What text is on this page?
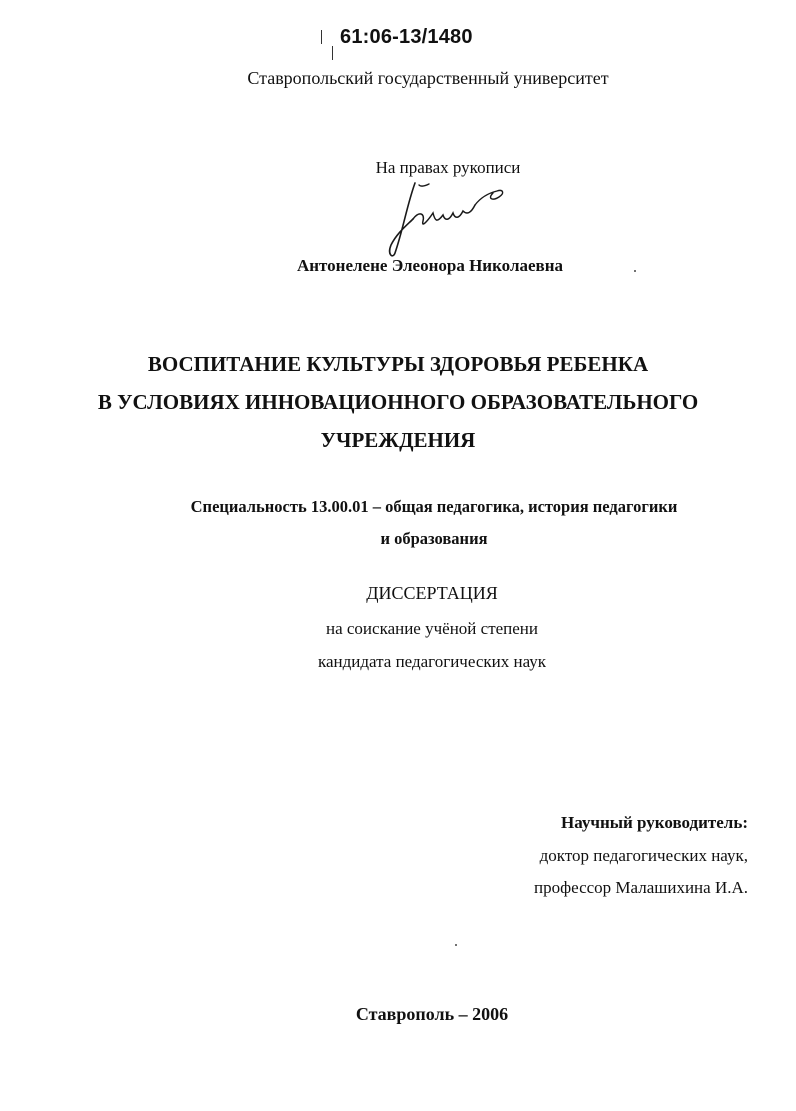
61:06-13/1480
Ставропольский государственный университет
На правах рукописи
Антонелене Элеонора Николаевна
ВОСПИТАНИЕ КУЛЬТУРЫ ЗДОРОВЬЯ РЕБЕНКА
В УСЛОВИЯХ ИННОВАЦИОННОГО ОБРАЗОВАТЕЛЬНОГО
УЧРЕЖДЕНИЯ
Специальность 13.00.01 – общая педагогика, история педагогики
и образования
ДИССЕРТАЦИЯ
на соискание учёной степени
кандидата педагогических наук
Научный руководитель:
доктор педагогических наук,
профессор Малашихина И.А.
Ставрополь – 2006
